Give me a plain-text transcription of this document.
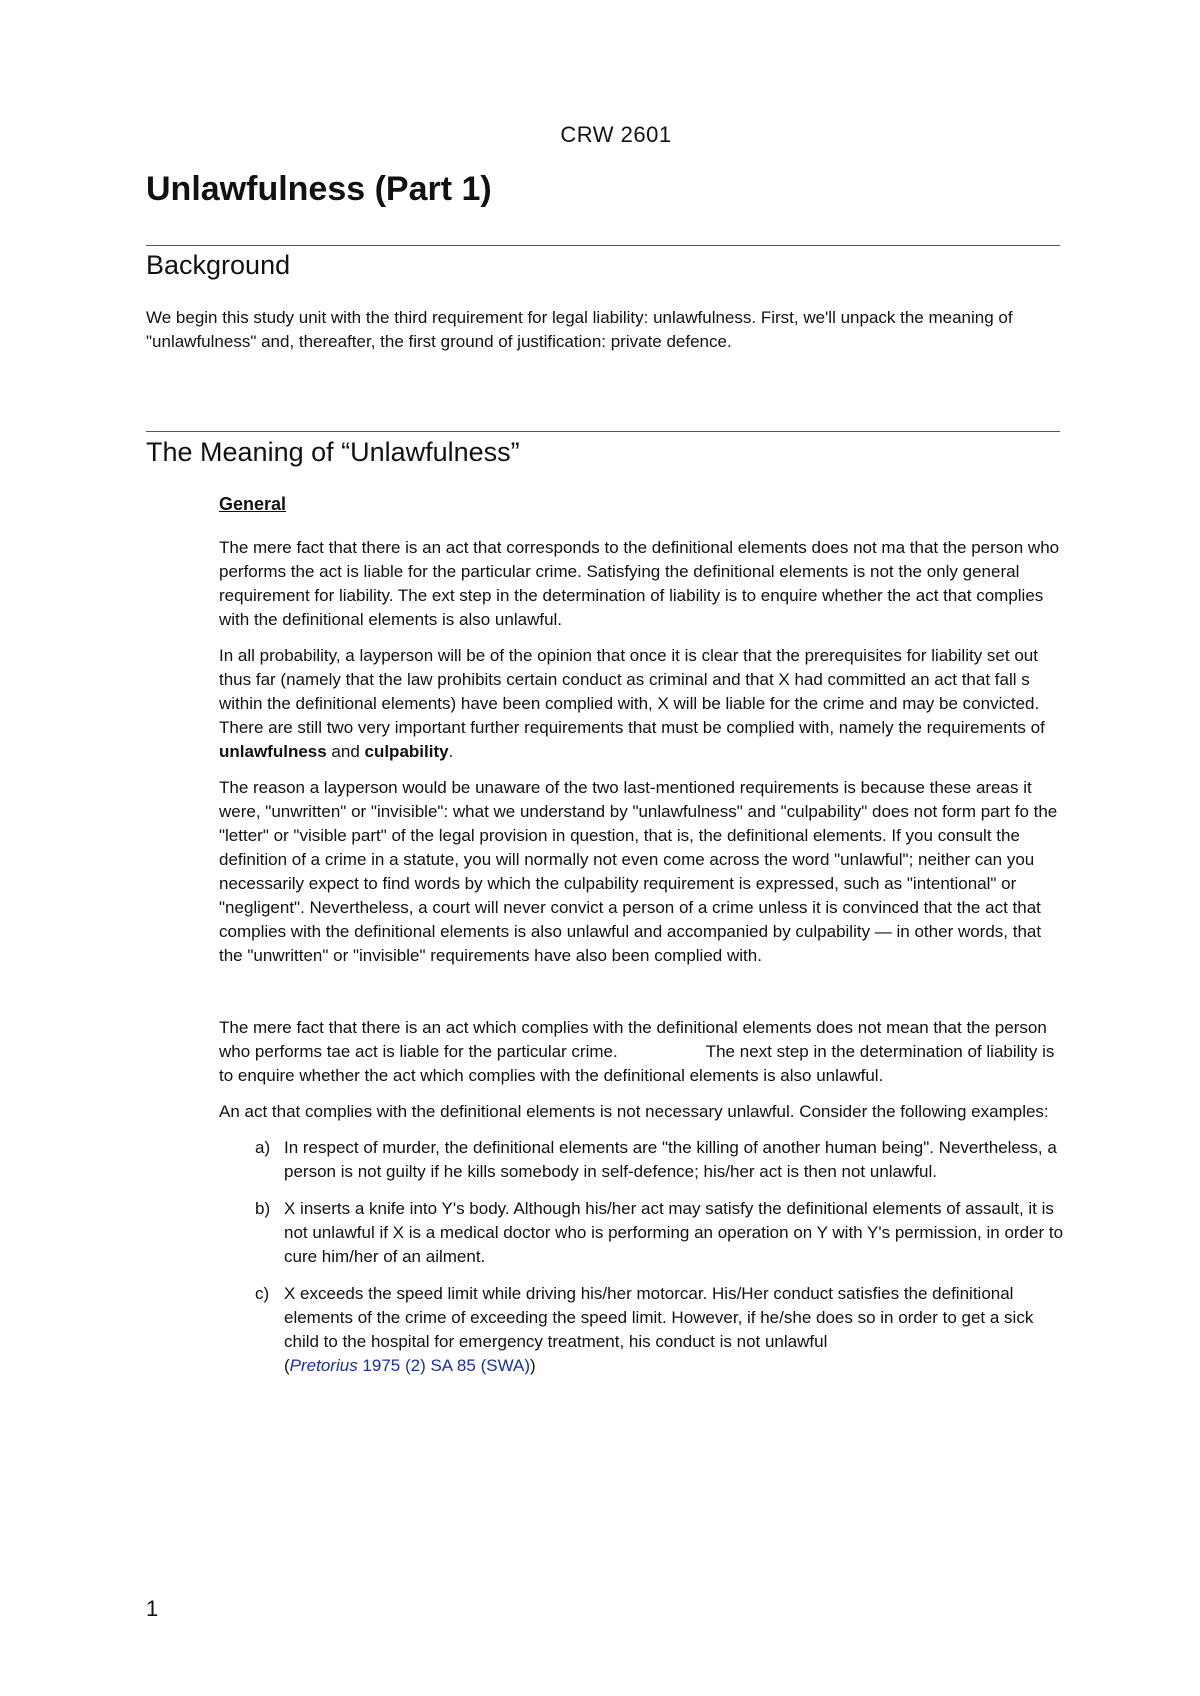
CRW 2601
Unlawfulness (Part 1)
Background

We begin this study unit with the third requirement for legal liability: unlawfulness. First, we'll unpack the meaning of "unlawfulness" and, thereafter, the first ground of justification: private defence.

The Meaning of “Unlawfulness”
General

The mere fact that there is an act that corresponds to the definitional elements does not ma that the person who performs the act is liable for the particular crime. Satisfying the definitional elements is not the only general requirement for liability. The ext step in the determination of liability is to enquire whether the act that complies with the definitional elements is also unlawful.

In all probability, a layperson will be of the opinion that once it is clear that the prerequisites for liability set out thus far (namely that the law prohibits certain conduct as criminal and that X had committed an act that fall s within the definitional elements) have been complied with, X will be liable for the crime and may be convicted. There are still two very important further requirements that must be complied with, namely the requirements of unlawfulness and culpability.

The reason a layperson would be unaware of the two last-mentioned requirements is because these areas it were, "unwritten" or "invisible": what we understand by "unlawfulness" and "culpability" does not form part fo the "letter" or "visible part" of the legal provision in question, that is, the definitional elements. If you consult the definition of a crime in a statute, you will normally not even come across the word "unlawful"; neither can you necessarily expect to find words by which the culpability requirement is expressed, such as "intentional" or "negligent". Nevertheless, a court will never convict a person of a crime unless it is convinced that the act that complies with the definitional elements is also unlawful and accompanied by culpability — in other words, that the "unwritten" or "invisible" requirements have also been complied with.

The mere fact that there is an act which complies with the definitional elements does not mean that the person who performs tae act is liable for the particular crime.	The next step in the determination of liability is to enquire whether the act which complies with the definitional elements is also unlawful.

An act that complies with the definitional elements is not necessary unlawful. Consider the following examples:

a) In respect of murder, the definitional elements are "the killing of another human being". Nevertheless, a person is not guilty if he kills somebody in self-defence; his/her act is then not unlawful.
b) X inserts a knife into Y's body. Although his/her act may satisfy the definitional elements of assault, it is not unlawful if X is a medical doctor who is performing an operation on Y with Y's permission, in order to cure him/her of an ailment.
c) X exceeds the speed limit while driving his/her motorcar. His/Her conduct satisfies the definitional elements of the crime of exceeding the speed limit. However, if he/she does so in order to get a sick child to the hospital for emergency treatment, his conduct is not unlawful
(Pretorius 1975 (2) SA 85 (SWA))
1
